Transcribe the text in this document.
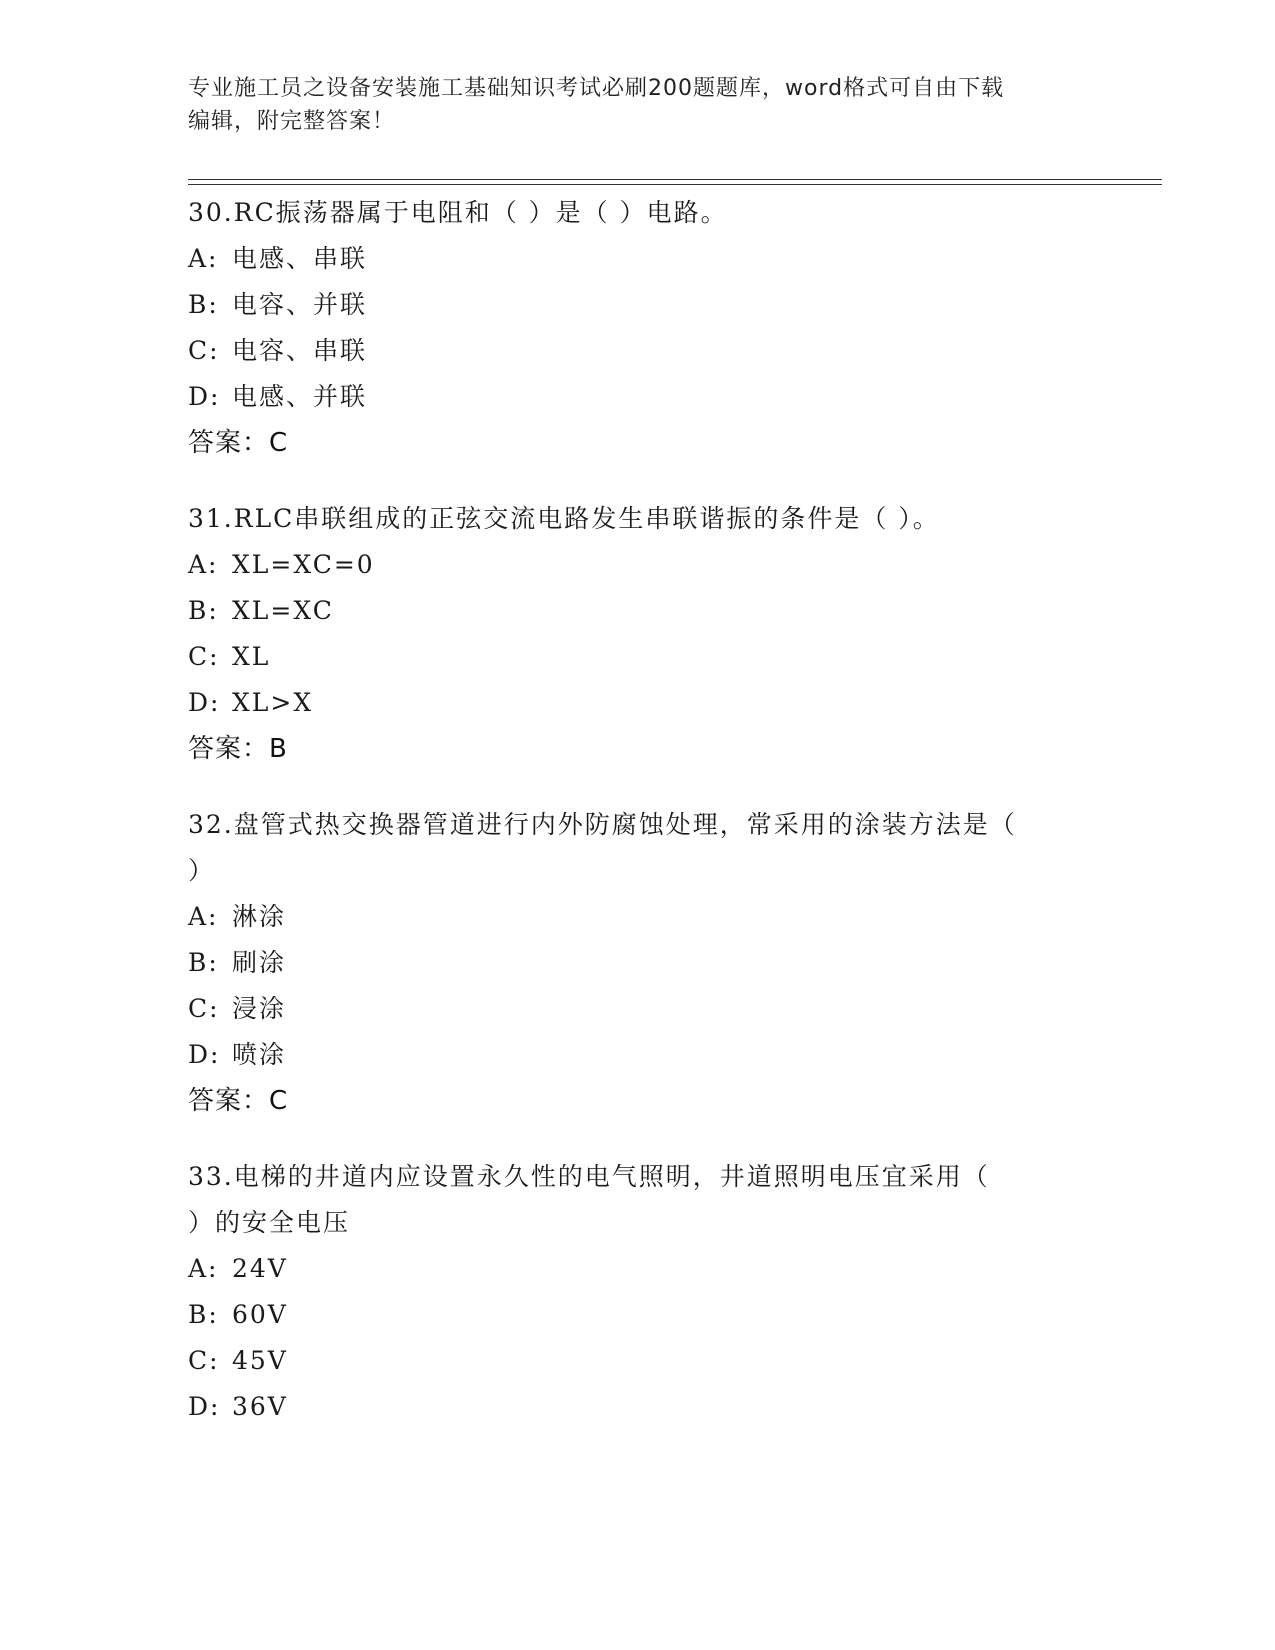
专业施工员之设备安装施工基础知识考试必刷200题题库，word格式可自由下载
编辑，附完整答案！
30.RC振荡器属于电阻和（ ）是（ ）电路。
A: 电感、串联
B: 电容、并联
C: 电容、串联
D: 电感、并联
答案：C
31.RLC串联组成的正弦交流电路发生串联谐振的条件是（ ）。
A: XL=XC=0
B: XL=XC
C: XL
D: XL>X
答案：B
32.盘管式热交换器管道进行内外防腐蚀处理，常采用的涂装方法是（
）
A: 淋涂
B: 刷涂
C: 浸涂
D: 喷涂
答案：C
33.电梯的井道内应设置永久性的电气照明，井道照明电压宜采用（
）的安全电压
A: 24V
B: 60V
C: 45V
D: 36V
